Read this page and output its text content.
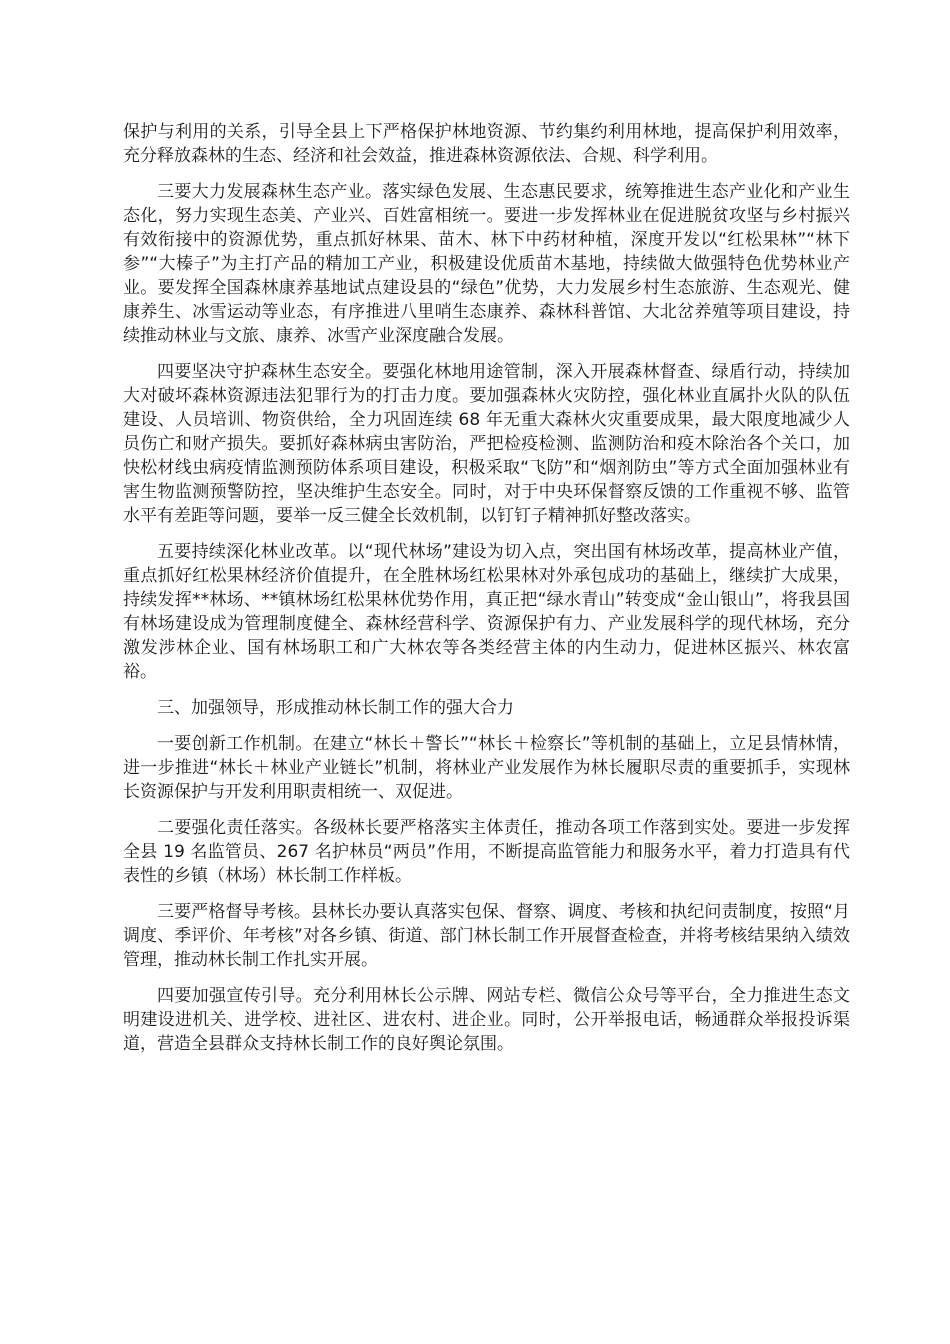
保护与利用的关系，引导全县上下严格保护林地资源、节约集约利用林地，提高保护利用效率，充分释放森林的生态、经济和社会效益，推进森林资源依法、合规、科学利用。

三要大力发展森林生态产业。落实绿色发展、生态惠民要求，统筹推进生态产业化和产业生态化，努力实现生态美、产业兴、百姓富相统一。要进一步发挥林业在促进脱贫攻坚与乡村振兴有效衔接中的资源优势，重点抓好林果、苗木、林下中药材种植，深度开发以“红松果林”“林下参”“大榛子”为主打产品的精加工产业，积极建设优质苗木基地，持续做大做强特色优势林业产业。要发挥全国森林康养基地试点建设县的“绿色”优势，大力发展乡村生态旅游、生态观光、健康养生、冰雪运动等业态，有序推进八里哨生态康养、森林科普馆、大北岔养殖等项目建设，持续推动林业与文旅、康养、冰雪产业深度融合发展。

四要坚决守护森林生态安全。要强化林地用途管制，深入开展森林督查、绿盾行动，持续加大对破坏森林资源违法犯罪行为的打击力度。要加强森林火灾防控，强化林业直属扑火队的队伍建设、人员培训、物资供给，全力巩固连续 68 年无重大森林火灾重要成果，最大限度地减少人员伤亡和财产损失。要抓好森林病虫害防治，严把检疫检测、监测防治和疫木除治各个关口，加快松材线虫病疫情监测预防体系项目建设，积极采取“飞防”和“烟剂防虫”等方式全面加强林业有害生物监测预警防控，坚决维护生态安全。同时，对于中央环保督察反馈的工作重视不够、监管水平有差距等问题，要举一反三健全长效机制，以钉钉子精神抓好整改落实。

五要持续深化林业改革。以“现代林场”建设为切入点，突出国有林场改革，提高林业产值，重点抓好红松果林经济价值提升，在全胜林场红松果林对外承包成功的基础上，继续扩大成果，持续发挥**林场、**镇林场红松果林优势作用，真正把“绿水青山”转变成“金山银山”，将我县国有林场建设成为管理制度健全、森林经营科学、资源保护有力、产业发展科学的现代林场，充分激发涉林企业、国有林场职工和广大林农等各类经营主体的内生动力，促进林区振兴、林农富裕。

三、加强领导，形成推动林长制工作的强大合力

一要创新工作机制。在建立“林长＋警长”“林长＋检察长”等机制的基础上，立足县情林情，进一步推进“林长＋林业产业链长”机制，将林业产业发展作为林长履职尽责的重要抓手，实现林长资源保护与开发利用职责相统一、双促进。

二要强化责任落实。各级林长要严格落实主体责任，推动各项工作落到实处。要进一步发挥全县 19 名监管员、267 名护林员“两员”作用，不断提高监管能力和服务水平，着力打造具有代表性的乡镇（林场）林长制工作样板。

三要严格督导考核。县林长办要认真落实包保、督察、调度、考核和执纪问责制度，按照“月调度、季评价、年考核”对各乡镇、街道、部门林长制工作开展督查检查，并将考核结果纳入绩效管理，推动林长制工作扎实开展。

四要加强宣传引导。充分利用林长公示牌、网站专栏、微信公众号等平台，全力推进生态文明建设进机关、进学校、进社区、进农村、进企业。同时，公开举报电话，畅通群众举报投诉渠道，营造全县群众支持林长制工作的良好舆论氛围。
